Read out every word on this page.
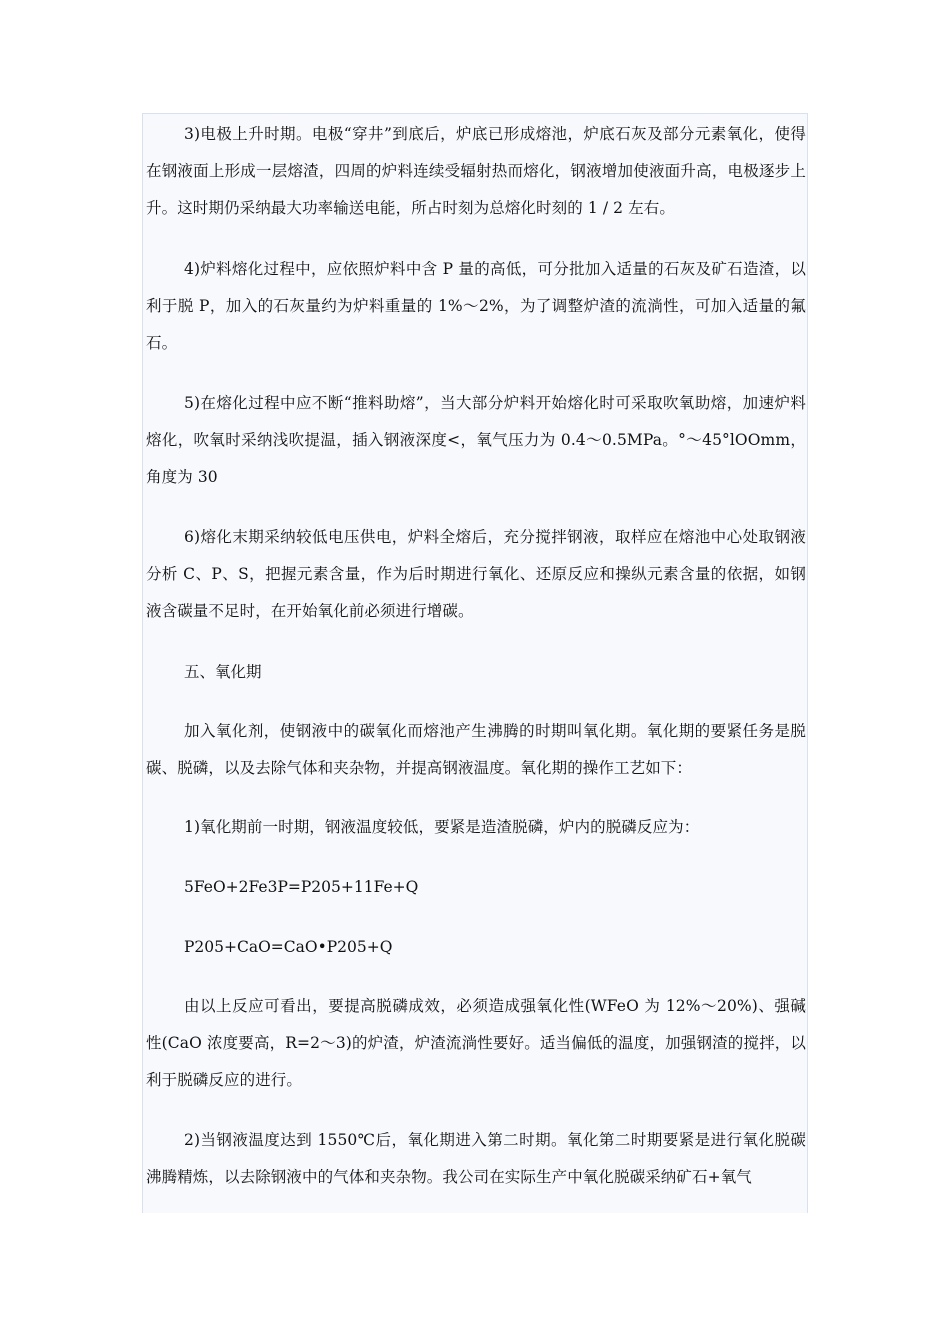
3)电极上升时期。电极“穿井”到底后，炉底已形成熔池，炉底石灰及部分元素氧化，使得在钢液面上形成一层熔渣，四周的炉料连续受辐射热而熔化，钢液增加使液面升高，电极逐步上升。这时期仍采纳最大功率输送电能，所占时刻为总熔化时刻的 1 / 2 左右。

4)炉料熔化过程中，应依照炉料中含 P 量的高低，可分批加入适量的石灰及矿石造渣，以利于脱 P，加入的石灰量约为炉料重量的 1%～2%，为了调整炉渣的流淌性，可加入适量的氟石。

5)在熔化过程中应不断“推料助熔”，当大部分炉料开始熔化时可采取吹氧助熔，加速炉料熔化，吹氧时采纳浅吹提温，插入钢液深度<，氧气压力为 0.4～0.5MPa。°～45°lOOmm，角度为 30

6)熔化末期采纳较低电压供电，炉料全熔后，充分搅拌钢液，取样应在熔池中心处取钢液分析 C、P、S，把握元素含量，作为后时期进行氧化、还原反应和操纵元素含量的依据，如钢液含碳量不足时，在开始氧化前必须进行增碳。

五、氧化期

加入氧化剂，使钢液中的碳氧化而熔池产生沸腾的时期叫氧化期。氧化期的要紧任务是脱碳、脱磷，以及去除气体和夹杂物，并提高钢液温度。氧化期的操作工艺如下：

1)氧化期前一时期，钢液温度较低，要紧是造渣脱磷，炉内的脱磷反应为：

5FeO+2Fe3P=P205+11Fe+Q

P205+CaO=CaO•P205+Q

由以上反应可看出，要提高脱磷成效，必须造成强氧化性(WFeO 为 12%～20%)、强碱性(CaO 浓度要高，R=2～3)的炉渣，炉渣流淌性要好。适当偏低的温度，加强钢渣的搅拌，以利于脱磷反应的进行。

2)当钢液温度达到 1550℃后，氧化期进入第二时期。氧化第二时期要紧是进行氧化脱碳沸腾精炼，以去除钢液中的气体和夹杂物。我公司在实际生产中氧化脱碳采纳矿石+氧气
